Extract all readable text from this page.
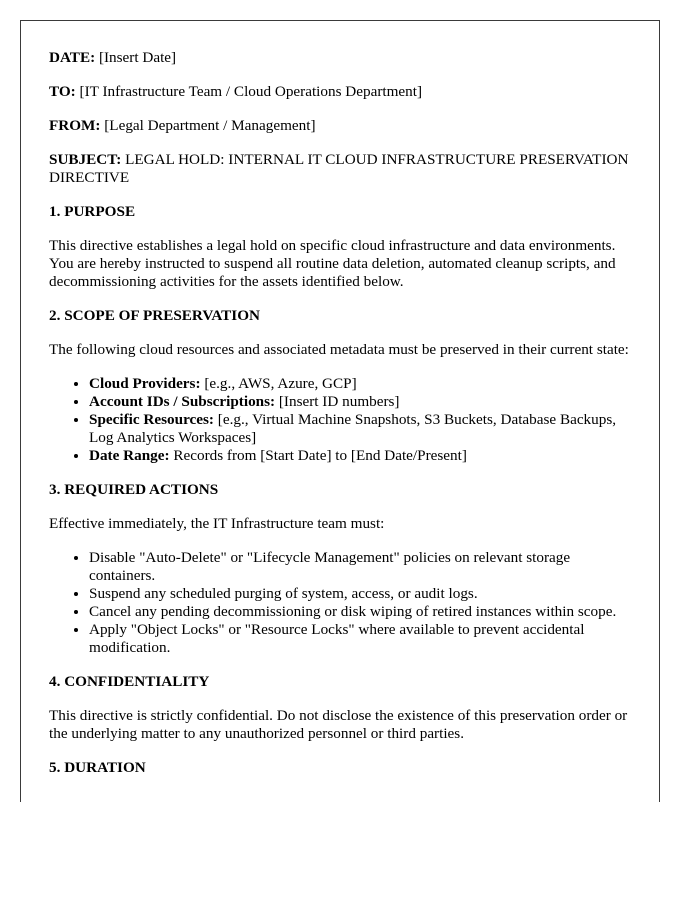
DATE: [Insert Date]

TO: [IT Infrastructure Team / Cloud Operations Department]

FROM: [Legal Department / Management]

SUBJECT: LEGAL HOLD: INTERNAL IT CLOUD INFRASTRUCTURE PRESERVATION DIRECTIVE

1. PURPOSE

This directive establishes a legal hold on specific cloud infrastructure and data environments. You are hereby instructed to suspend all routine data deletion, automated cleanup scripts, and decommissioning activities for the assets identified below.

2. SCOPE OF PRESERVATION

The following cloud resources and associated metadata must be preserved in their current state:

• Cloud Providers: [e.g., AWS, Azure, GCP]
• Account IDs / Subscriptions: [Insert ID numbers]
• Specific Resources: [e.g., Virtual Machine Snapshots, S3 Buckets, Database Backups, Log Analytics Workspaces]
• Date Range: Records from [Start Date] to [End Date/Present]
3. REQUIRED ACTIONS

Effective immediately, the IT Infrastructure team must:

• Disable "Auto-Delete" or "Lifecycle Management" policies on relevant storage containers.
• Suspend any scheduled purging of system, access, or audit logs.
• Cancel any pending decommissioning or disk wiping of retired instances within scope.
• Apply "Object Locks" or "Resource Locks" where available to prevent accidental modification.
4. CONFIDENTIALITY

This directive is strictly confidential. Do not disclose the existence of this preservation order or the underlying matter to any unauthorized personnel or third parties.

5. DURATION
